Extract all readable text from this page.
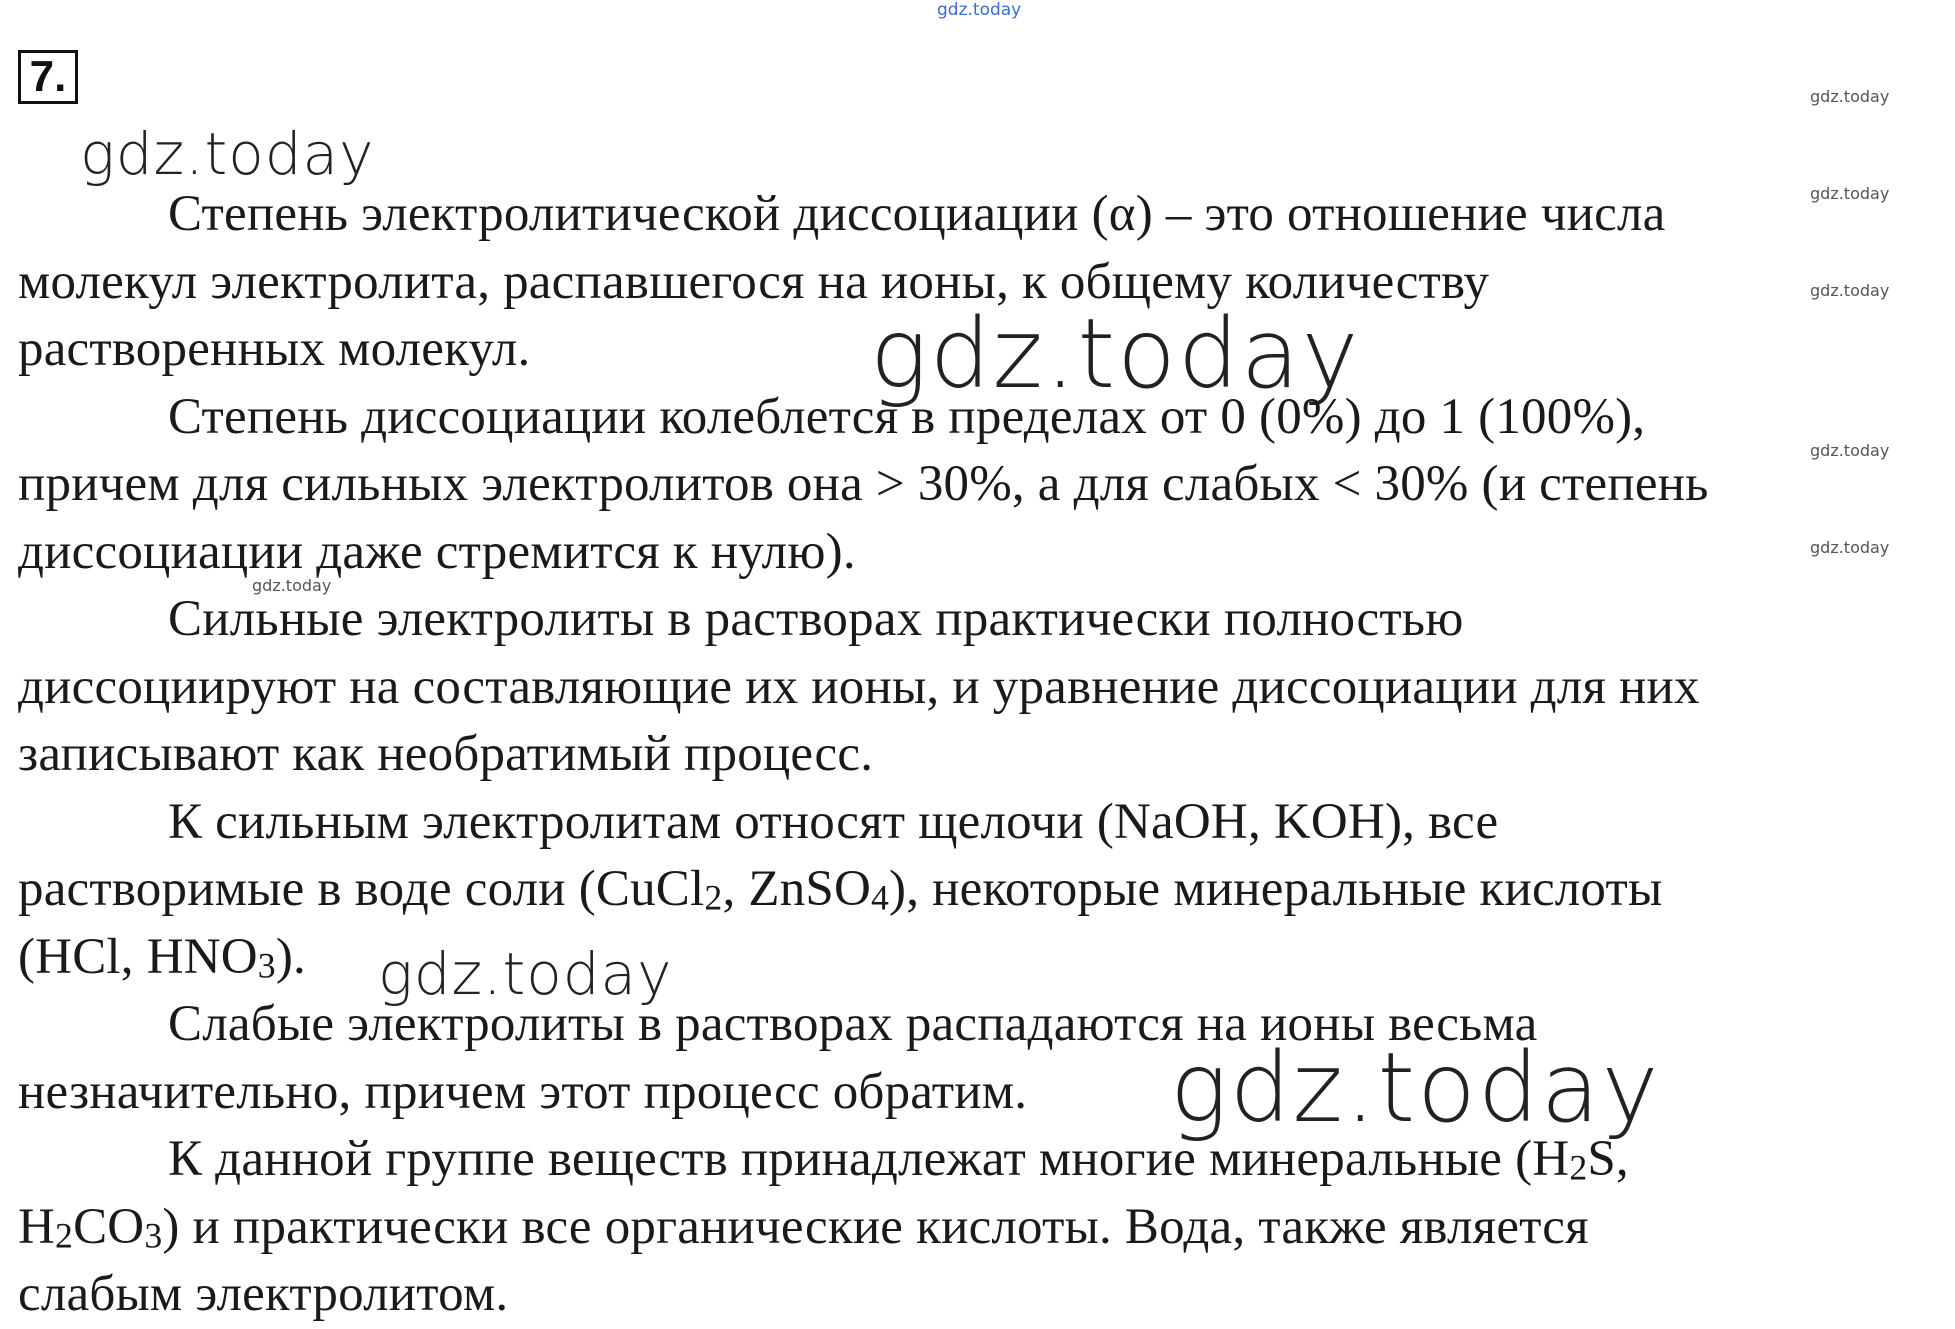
7.
gdz.today
gdz.today
gdz.today
gdz.today
gdz.today
gdz.today
gdz.today
gdz.today
gdz.today
gdz.today
gdz.today

Степень электролитической диссоциации (α) – это отношение числа
молекул электролита, распавшегося на ионы, к общему количеству
растворенных молекул.

Степень диссоциации колеблется в пределах от 0 (0%) до 1 (100%),
причем для сильных электролитов она > 30%, а для слабых < 30% (и степень
диссоциации даже стремится к нулю).

Сильные электролиты в растворах практически полностью
диссоциируют на составляющие их ионы, и уравнение диссоциации для них
записывают как необратимый процесс.

К сильным электролитам относят щелочи (NaOH, KOH), все
растворимые в воде соли (CuCl$_2$, ZnSO$_4$), некоторые минеральные кислоты
(HCl, $HNO_3$).

Слабые электролиты в растворах распадаются на ионы весьма
незначительно, причем этот процесс обратим.

К данной группе веществ принадлежат многие минеральные ($H_2S$,
$H_2CO_3$) и практически все органические кислоты. Вода, также является
слабым электролитом.
